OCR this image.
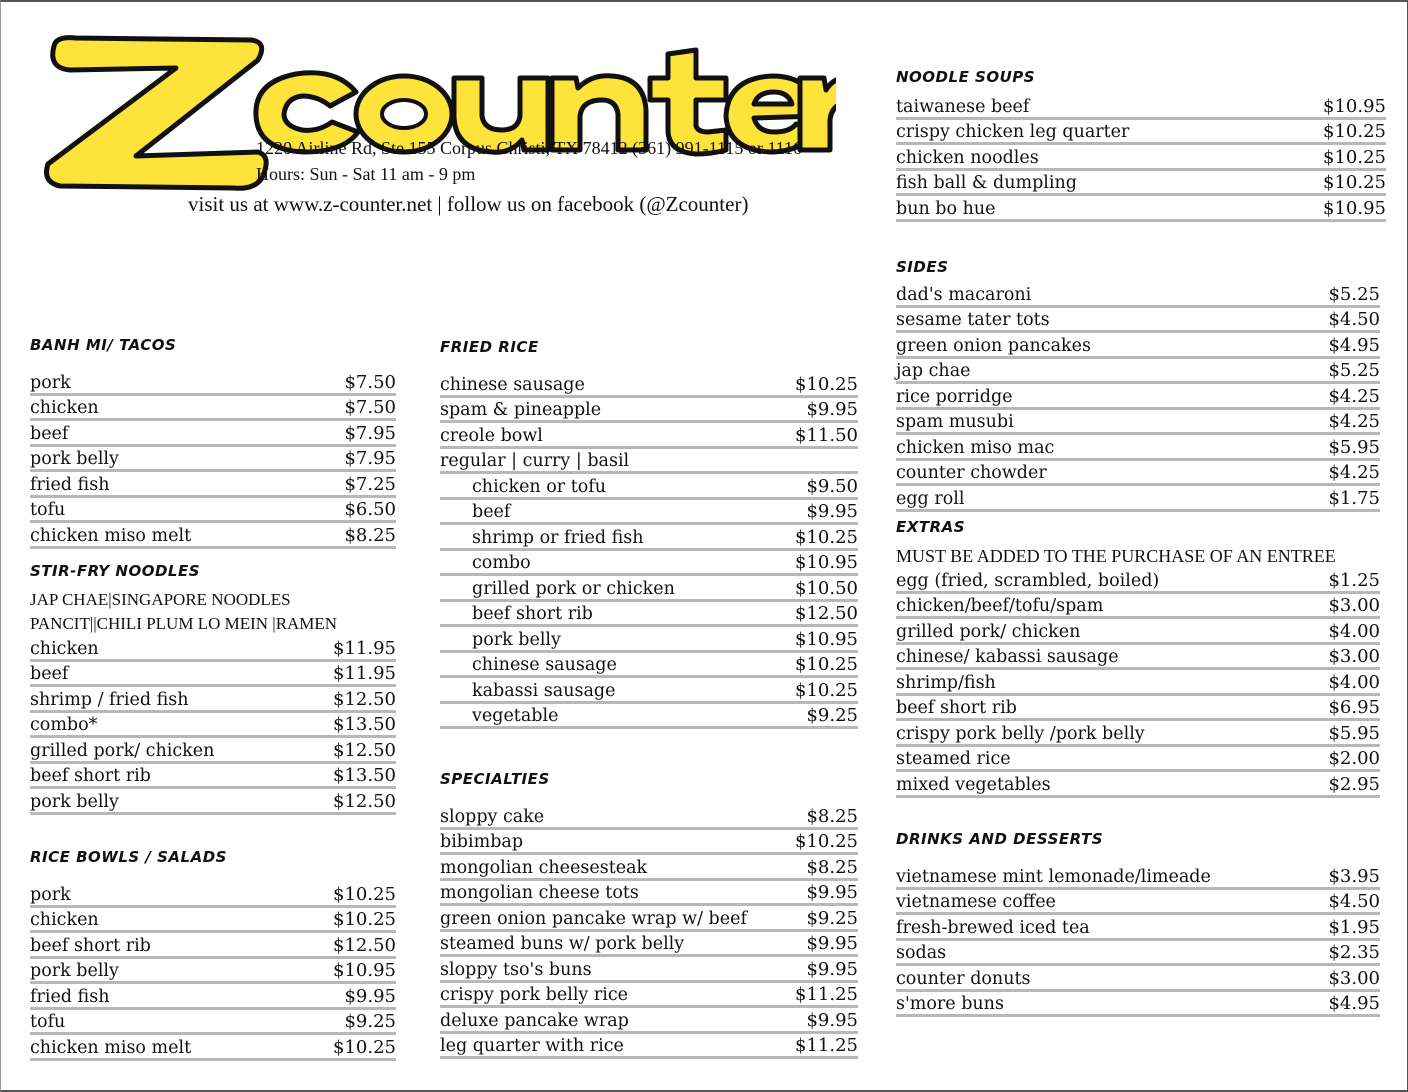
1220 Airline Rd, Ste 155 Corpus Christi, TX 78412 (361) 991-1115 or 1116
Hours: Sun - Sat 11 am - 9 pm
visit us at www.z-counter.net | follow us on facebook (@Zcounter)
BANH MI/ TACOS
pork	$7.50
chicken	$7.50
beef	$7.95
pork belly	$7.95
fried fish	$7.25
tofu	$6.50
chicken miso melt	$8.25
STIR-FRY NOODLES
JAP CHAE|SINGAPORE NOODLES
PANCIT||CHILI PLUM LO MEIN |RAMEN
chicken	$11.95
beef	$11.95
shrimp / fried fish	$12.50
combo*	$13.50
grilled pork/ chicken	$12.50
beef short rib	$13.50
pork belly	$12.50
RICE BOWLS / SALADS
pork	$10.25
chicken	$10.25
beef short rib	$12.50
pork belly	$10.95
fried fish	$9.95
tofu	$9.25
chicken miso melt	$10.25
FRIED RICE
chinese sausage	$10.25
spam & pineapple	$9.95
creole bowl	$11.50
regular | curry | basil
chicken or tofu	$9.50
beef	$9.95
shrimp or fried fish	$10.25
combo	$10.95
grilled pork or chicken	$10.50
beef short rib	$12.50
pork belly	$10.95
chinese sausage	$10.25
kabassi sausage	$10.25
vegetable	$9.25
SPECIALTIES
sloppy cake	$8.25
bibimbap	$10.25
mongolian cheesesteak	$8.25
mongolian cheese tots	$9.95
green onion pancake wrap w/ beef	$9.25
steamed buns w/ pork belly	$9.95
sloppy tso's buns	$9.95
crispy pork belly rice	$11.25
deluxe pancake wrap	$9.95
leg quarter with rice	$11.25
NOODLE SOUPS
taiwanese beef	$10.95
crispy chicken leg quarter	$10.25
chicken noodles	$10.25
fish ball & dumpling	$10.25
bun bo hue	$10.95
SIDES
dad's macaroni	$5.25
sesame tater tots	$4.50
green onion pancakes	$4.95
jap chae	$5.25
rice porridge	$4.25
spam musubi	$4.25
chicken miso mac	$5.95
counter chowder	$4.25
egg roll	$1.75
EXTRAS
MUST BE ADDED TO THE PURCHASE OF AN ENTREE
egg (fried, scrambled, boiled)	$1.25
chicken/beef/tofu/spam	$3.00
grilled pork/ chicken	$4.00
chinese/ kabassi sausage	$3.00
shrimp/fish	$4.00
beef short rib	$6.95
crispy pork belly /pork belly	$5.95
steamed rice	$2.00
mixed vegetables	$2.95
DRINKS AND DESSERTS
vietnamese mint lemonade/limeade	$3.95
vietnamese coffee	$4.50
fresh-brewed iced tea	$1.95
sodas	$2.35
counter donuts	$3.00
s'more buns	$4.95
